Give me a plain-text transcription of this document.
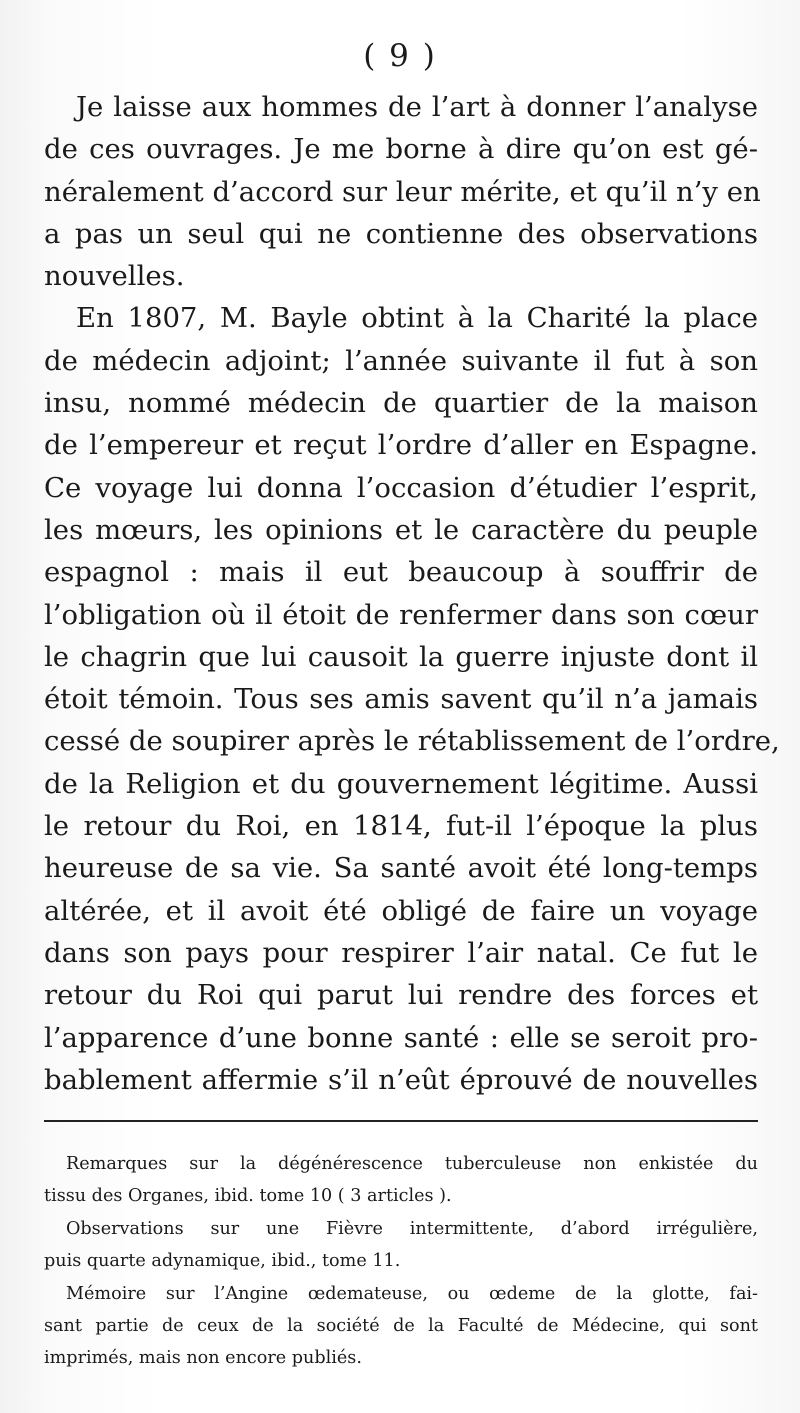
( 9 )
Je laisse aux hommes de l’art à donner l’analyse
de ces ouvrages. Je me borne à dire qu’on est gé-
néralement d’accord sur leur mérite, et qu’il n’y en
a pas un seul qui ne contienne des observations
nouvelles.
En 1807, M. Bayle obtint à la Charité la place
de médecin adjoint; l’année suivante il fut à son
insu, nommé médecin de quartier de la maison
de l’empereur et reçut l’ordre d’aller en Espagne.
Ce voyage lui donna l’occasion d’étudier l’esprit,
les mœurs, les opinions et le caractère du peuple
espagnol : mais il eut beaucoup à souffrir de
l’obligation où il étoit de renfermer dans son cœur
le chagrin que lui causoit la guerre injuste dont il
étoit témoin. Tous ses amis savent qu’il n’a jamais
cessé de soupirer après le rétablissement de l’ordre,
de la Religion et du gouvernement légitime. Aussi
le retour du Roi, en 1814, fut-il l’époque la plus
heureuse de sa vie. Sa santé avoit été long-temps
altérée, et il avoit été obligé de faire un voyage
dans son pays pour respirer l’air natal. Ce fut le
retour du Roi qui parut lui rendre des forces et
l’apparence d’une bonne santé : elle se seroit pro-
bablement affermie s’il n’eût éprouvé de nouvelles
Remarques sur la dégénérescence tuberculeuse non enkistée du
tissu des Organes, ibid. tome 10 ( 3 articles ).
Observations sur une Fièvre intermittente, d’abord irrégulière,
puis quarte adynamique, ibid., tome 11.
Mémoire sur l’Angine œdemateuse, ou œdeme de la glotte, fai-
sant partie de ceux de la société de la Faculté de Médecine, qui sont
imprimés, mais non encore publiés.
